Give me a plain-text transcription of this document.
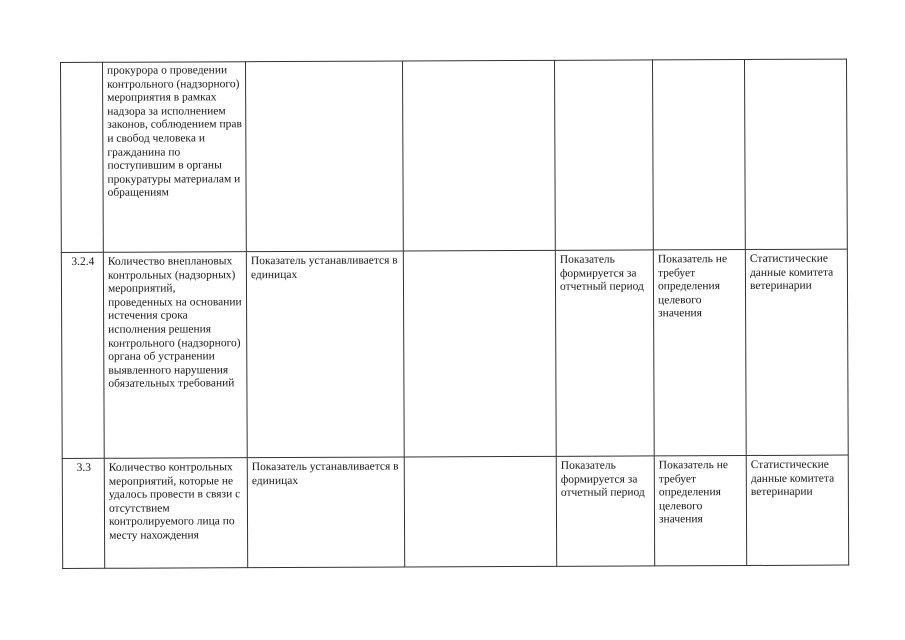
	прокурора о проведении контрольного (надзорного) мероприятия в рамках надзора за исполнением законов, соблюдением прав и свобод человека и гражданина по поступившим в органы прокуратуры материалам и обращениям					
3.2.4	Количество внеплановых контрольных (надзорных) мероприятий, проведенных на основании истечения срока исполнения решения контрольного (надзорного) органа об устранении выявленного нарушения обязательных требований	Показатель устанавливается в единицах		Показатель формируется за отчетный период	Показатель не требует определения целевого значения	Статистические данные комитета ветеринарии
3.3	Количество контрольных мероприятий, которые не удалось провести в связи с отсутствием контролируемого лица по месту нахождения	Показатель устанавливается в единицах		Показатель формируется за отчетный период	Показатель не требует определения целевого значения	Статистические данные комитета ветеринарии
